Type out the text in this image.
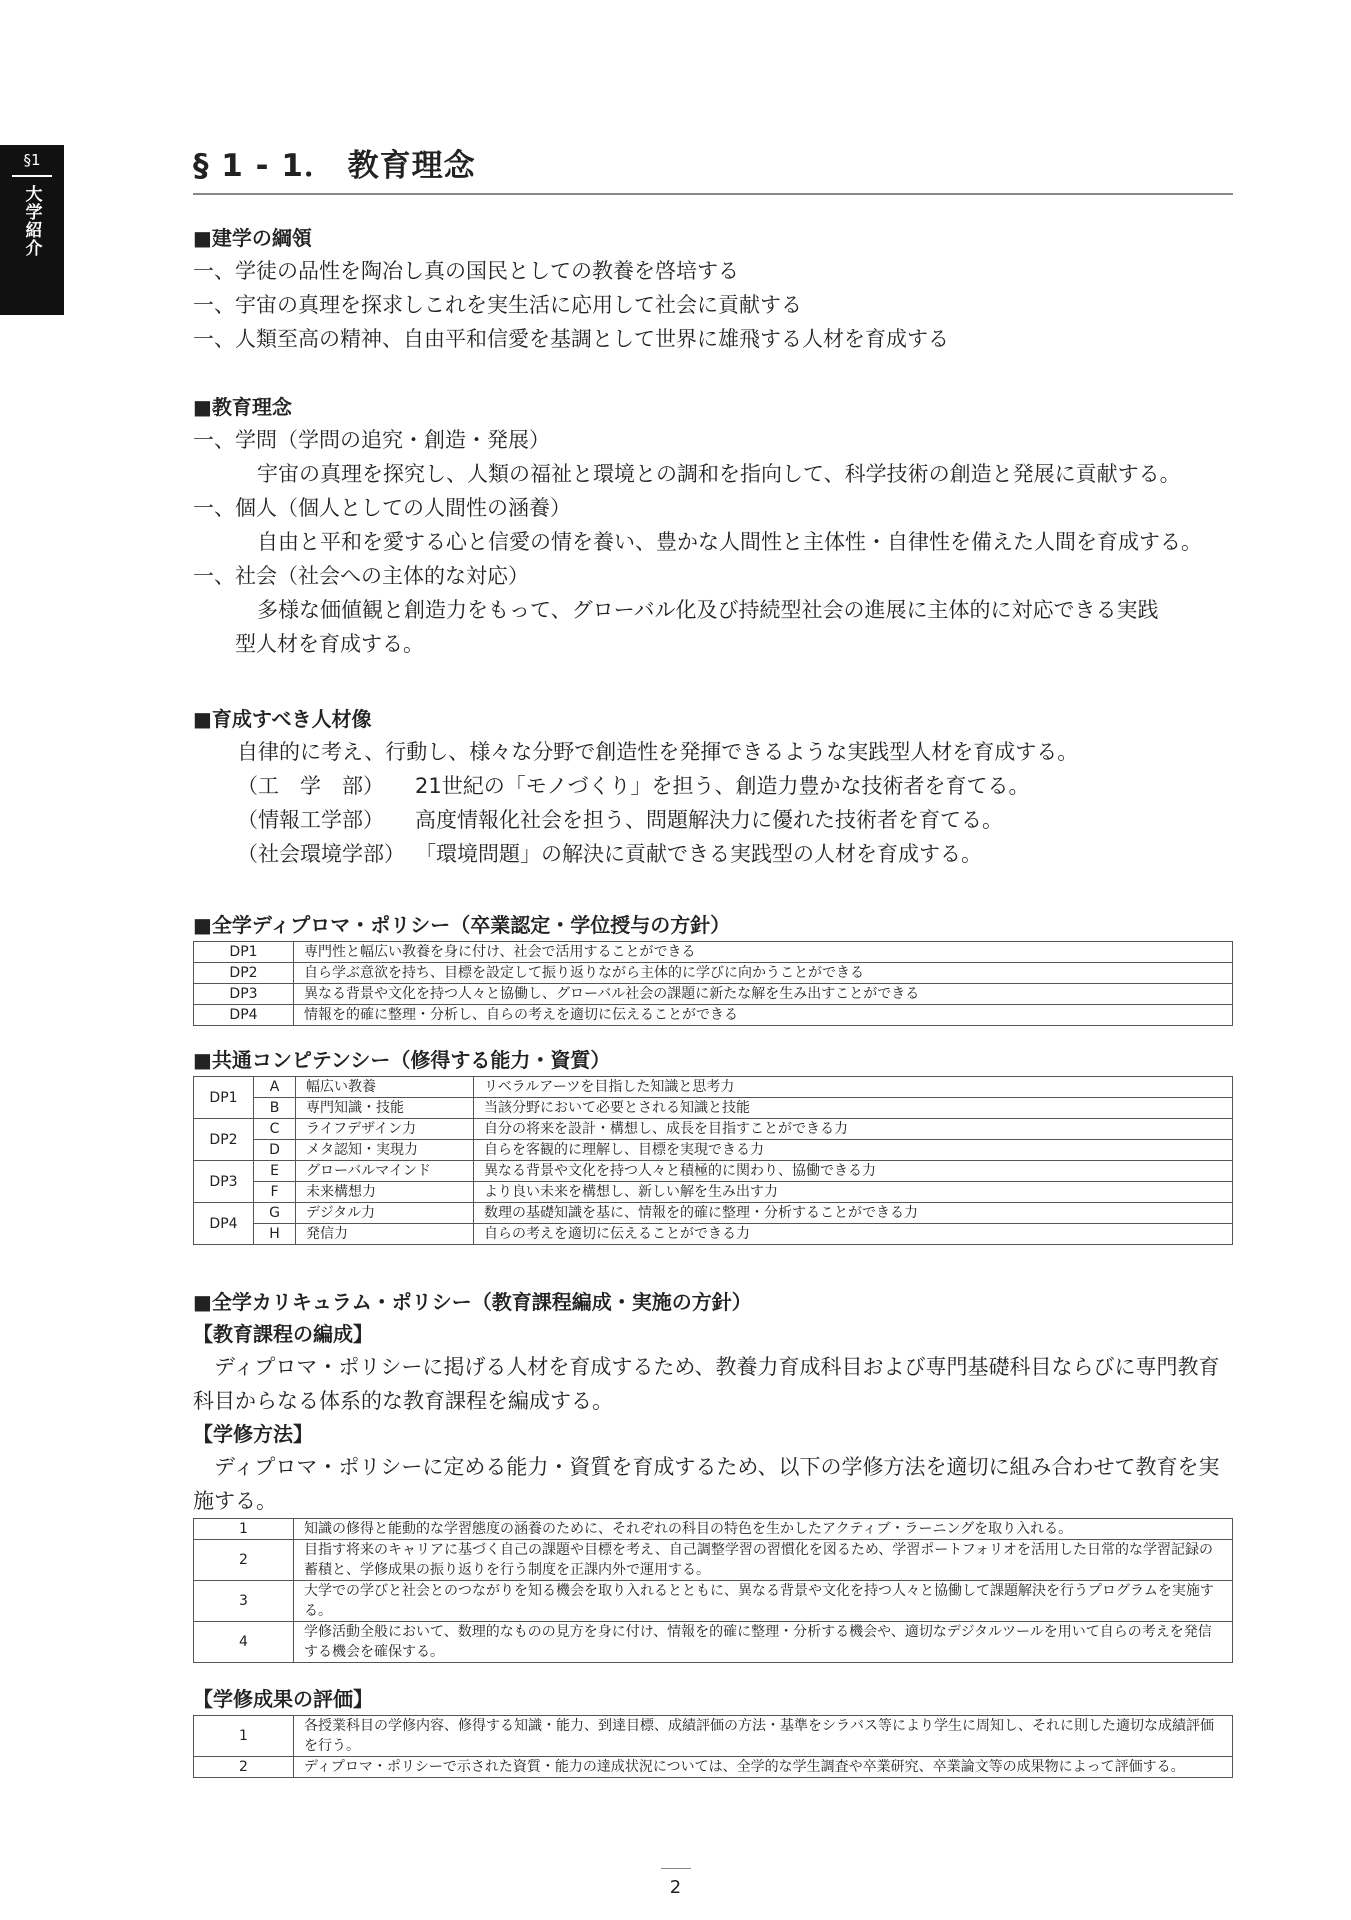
§1
大学紹介
§ 1 - 1． 教育理念
■建学の綱領
一、学徒の品性を陶冶し真の国民としての教養を啓培する
一、宇宙の真理を探求しこれを実生活に応用して社会に貢献する
一、人類至高の精神、自由平和信愛を基調として世界に雄飛する人材を育成する
■教育理念
一、学問（学問の追究・創造・発展）
宇宙の真理を探究し、人類の福祉と環境との調和を指向して、科学技術の創造と発展に貢献する。
一、個人（個人としての人間性の涵養）
自由と平和を愛する心と信愛の情を養い、豊かな人間性と主体性・自律性を備えた人間を育成する。
一、社会（社会への主体的な対応）
多様な価値観と創造力をもって、グローバル化及び持続型社会の進展に主体的に対応できる実践
型人材を育成する。
■育成すべき人材像
自律的に考え、行動し、様々な分野で創造性を発揮できるような実践型人材を育成する。
（工　学　部）	21世紀の「モノづくり」を担う、創造力豊かな技術者を育てる。
（情報工学部）	高度情報化社会を担う、問題解決力に優れた技術者を育てる。
（社会環境学部） 「環境問題」の解決に貢献できる実践型の人材を育成する。
■全学ディプロマ・ポリシー（卒業認定・学位授与の方針）
DP1	専門性と幅広い教養を身に付け、社会で活用することができる
DP2	自ら学ぶ意欲を持ち、目標を設定して振り返りながら主体的に学びに向かうことができる
DP3	異なる背景や文化を持つ人々と協働し、グローバル社会の課題に新たな解を生み出すことができる
DP4	情報を的確に整理・分析し、自らの考えを適切に伝えることができる
■共通コンピテンシー（修得する能力・資質）
DP1	A	幅広い教養	リベラルアーツを目指した知識と思考力
	B	専門知識・技能	当該分野において必要とされる知識と技能
DP2	C	ライフデザイン力	自分の将来を設計・構想し、成長を目指すことができる力
	D	メタ認知・実現力	自らを客観的に理解し、目標を実現できる力
DP3	E	グローバルマインド	異なる背景や文化を持つ人々と積極的に関わり、協働できる力
	F	未来構想力	より良い未来を構想し、新しい解を生み出す力
DP4	G	デジタル力	数理の基礎知識を基に、情報を的確に整理・分析することができる力
	H	発信力	自らの考えを適切に伝えることができる力
■全学カリキュラム・ポリシー（教育課程編成・実施の方針）
【教育課程の編成】
ディプロマ・ポリシーに掲げる人材を育成するため、教養力育成科目および専門基礎科目ならびに専門教育科目からなる体系的な教育課程を編成する。
【学修方法】
ディプロマ・ポリシーに定める能力・資質を育成するため、以下の学修方法を適切に組み合わせて教育を実施する。
1	知識の修得と能動的な学習態度の涵養のために、それぞれの科目の特色を生かしたアクティブ・ラーニングを取り入れる。
2	目指す将来のキャリアに基づく自己の課題や目標を考え、自己調整学習の習慣化を図るため、学習ポートフォリオを活用した日常的な学習記録の蓄積と、学修成果の振り返りを行う制度を正課内外で運用する。
3	大学での学びと社会とのつながりを知る機会を取り入れるとともに、異なる背景や文化を持つ人々と協働して課題解決を行うプログラムを実施する。
4	学修活動全般において、数理的なものの見方を身に付け、情報を的確に整理・分析する機会や、適切なデジタルツールを用いて自らの考えを発信する機会を確保する。
【学修成果の評価】
1	各授業科目の学修内容、修得する知識・能力、到達目標、成績評価の方法・基準をシラバス等により学生に周知し、それに則した適切な成績評価を行う。
2	ディプロマ・ポリシーで示された資質・能力の達成状況については、全学的な学生調査や卒業研究、卒業論文等の成果物によって評価する。
2
